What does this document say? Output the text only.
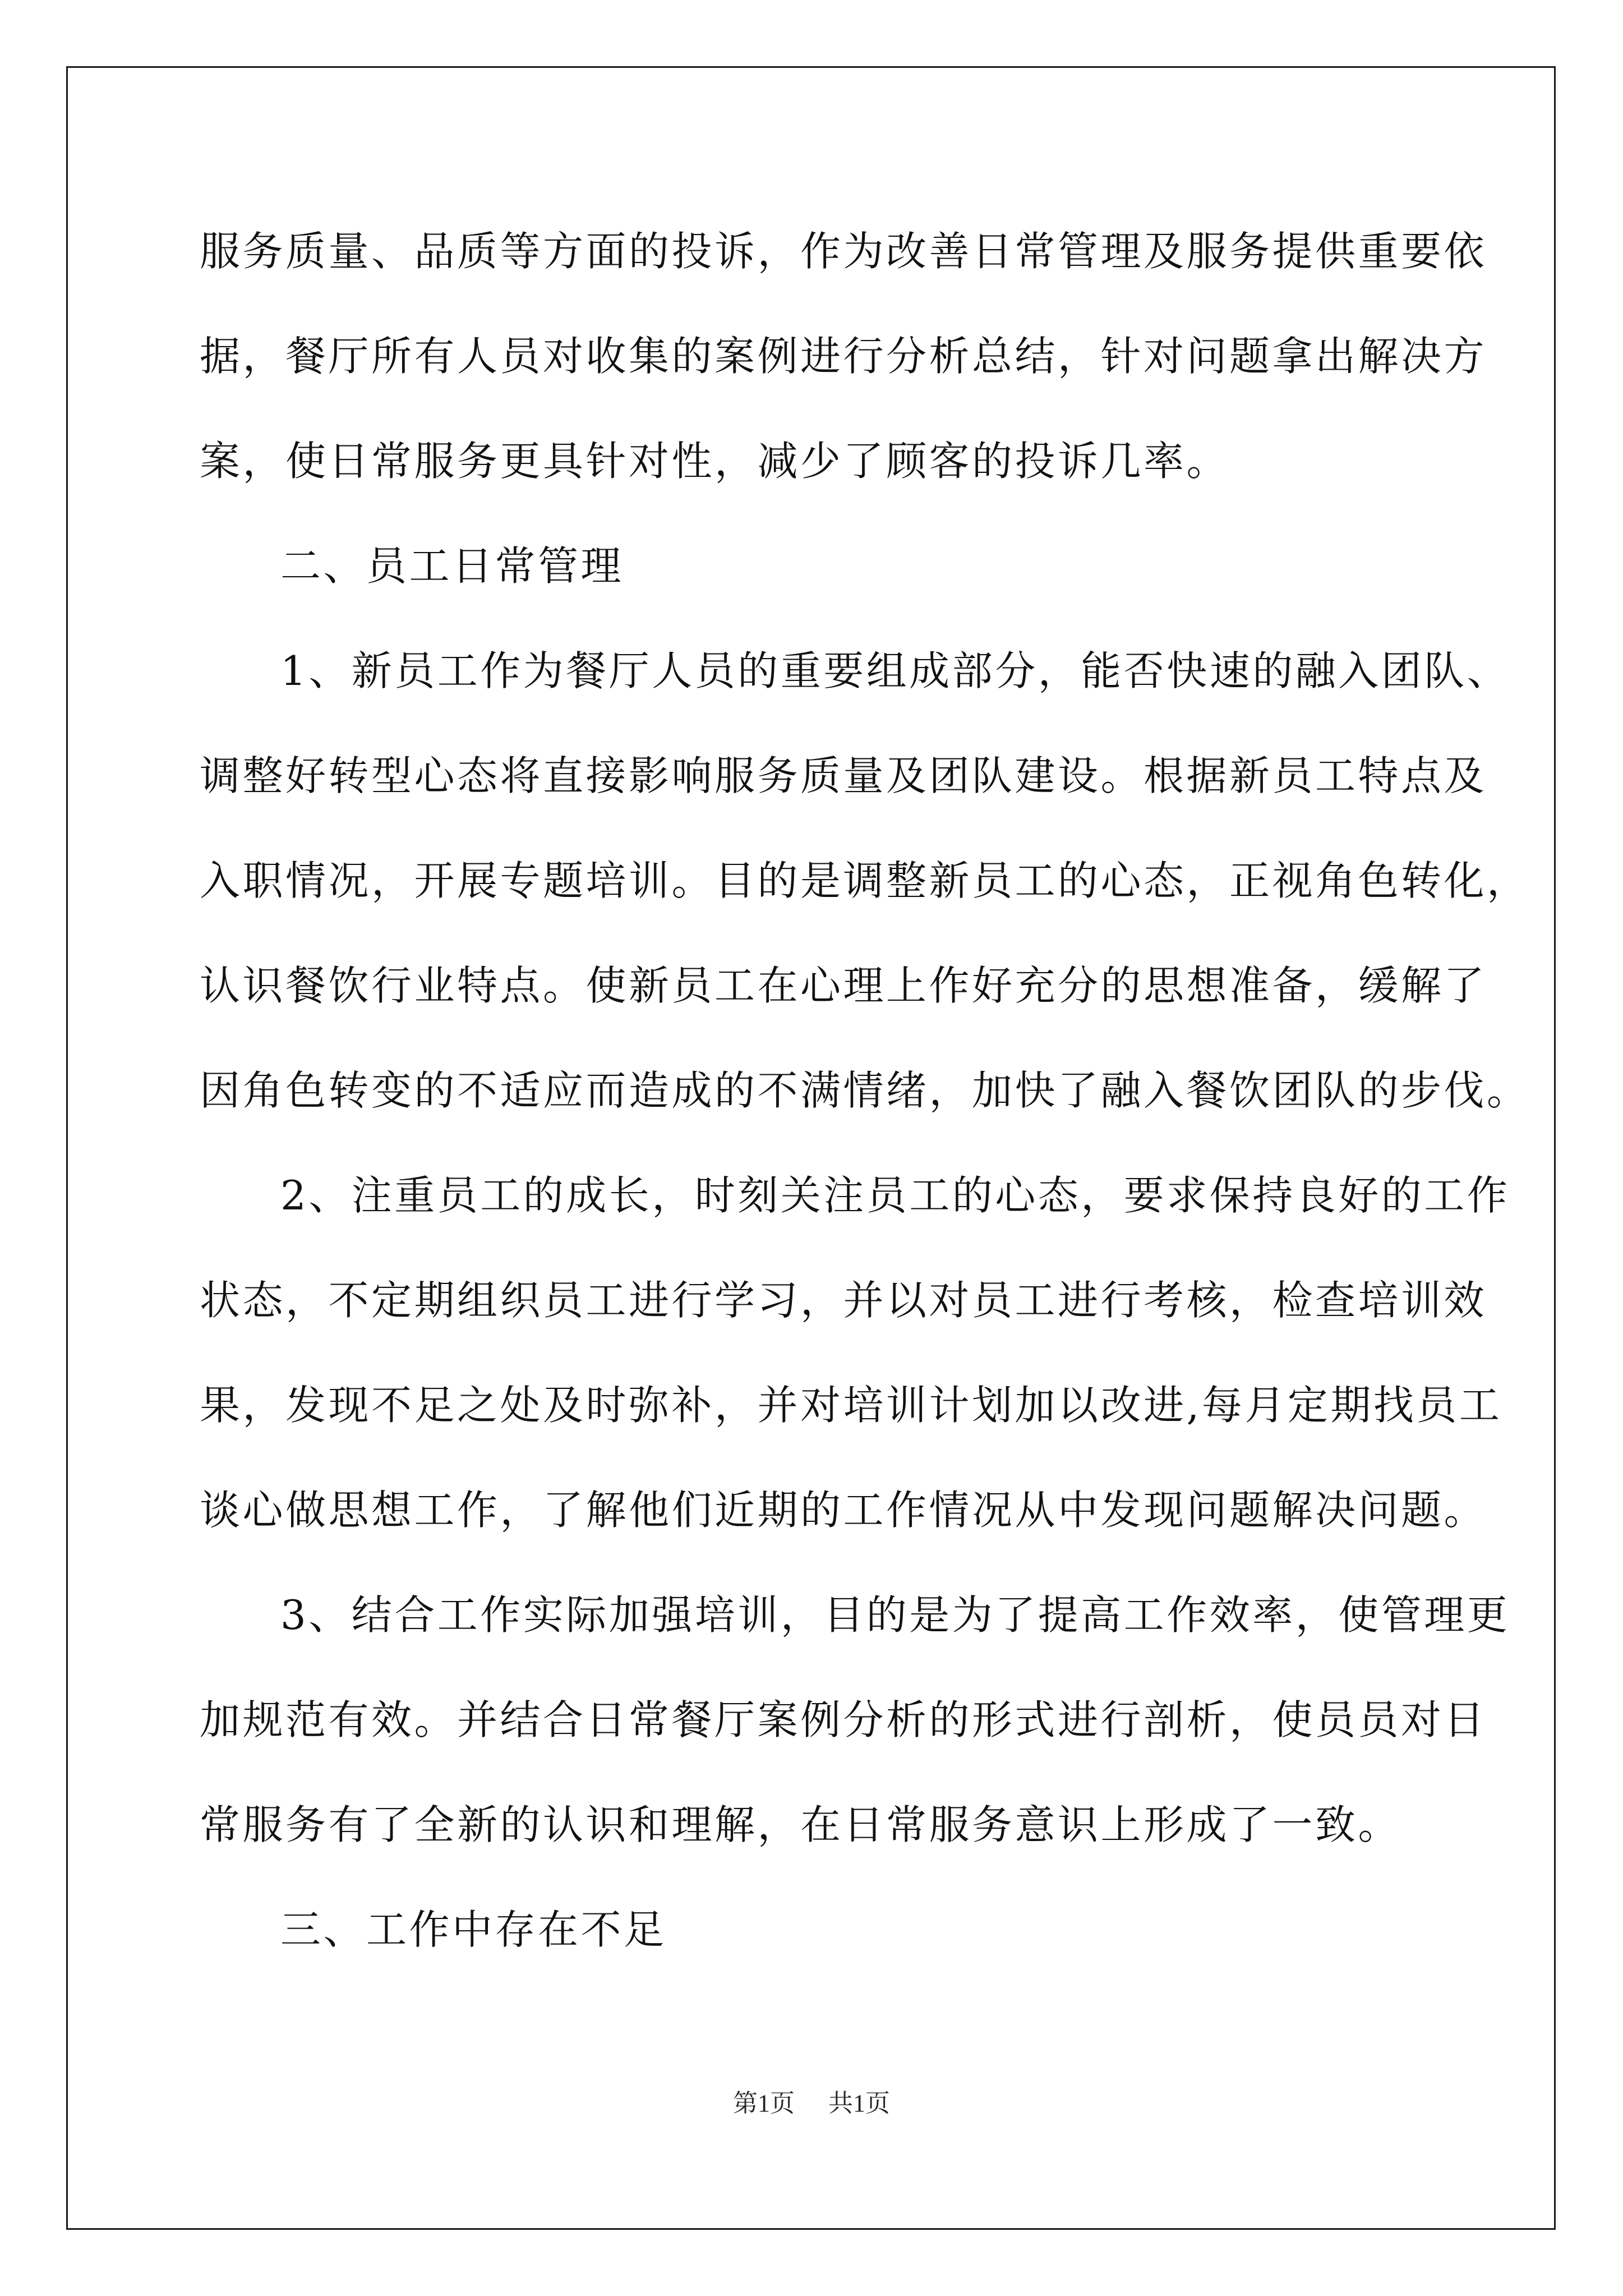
服务质量、品质等方面的投诉，作为改善日常管理及服务提供重要依
据，餐厅所有人员对收集的案例进行分析总结，针对问题拿出解决方
案，使日常服务更具针对性，减少了顾客的投诉几率。
二、员工日常管理
1、新员工作为餐厅人员的重要组成部分，能否快速的融入团队、
调整好转型心态将直接影响服务质量及团队建设。根据新员工特点及
入职情况，开展专题培训。目的是调整新员工的心态，正视角色转化，
认识餐饮行业特点。使新员工在心理上作好充分的思想准备，缓解了
因角色转变的不适应而造成的不满情绪，加快了融入餐饮团队的步伐。
2、注重员工的成长，时刻关注员工的心态，要求保持良好的工作
状态，不定期组织员工进行学习，并以对员工进行考核，检查培训效
果，发现不足之处及时弥补，并对培训计划加以改进,每月定期找员工
谈心做思想工作，了解他们近期的工作情况从中发现问题解决问题。
3、结合工作实际加强培训，目的是为了提高工作效率，使管理更
加规范有效。并结合日常餐厅案例分析的形式进行剖析，使员员对日
常服务有了全新的认识和理解，在日常服务意识上形成了一致。
三、工作中存在不足
第1页 共1页
